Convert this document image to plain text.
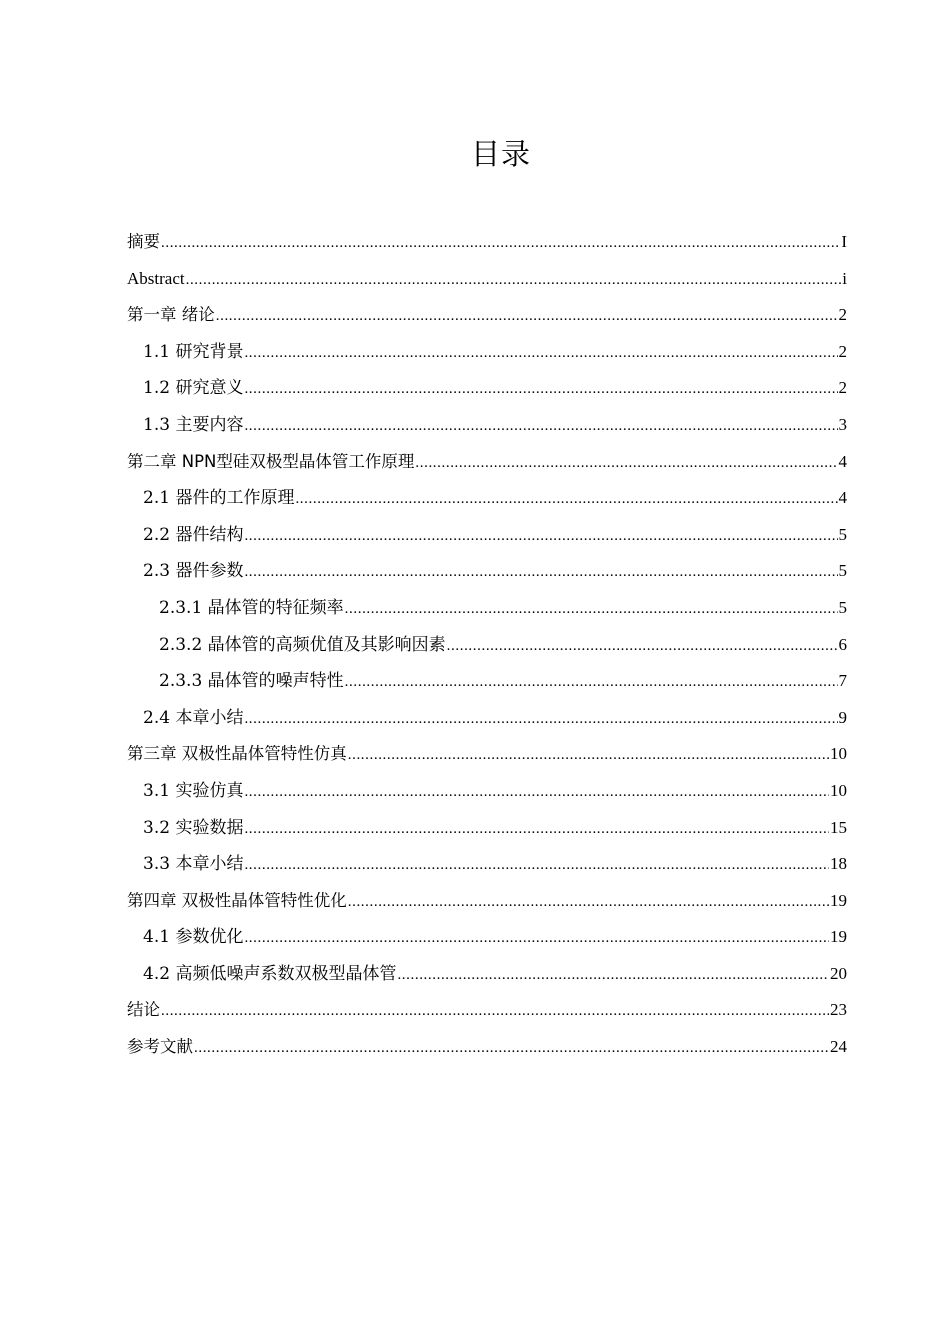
目录
摘要 .....	I
Abstract .....	i
第一章 绪论 .....	2
1.1 研究背景 .....	2
1.2 研究意义 .....	2
1.3 主要内容 .....	3
第二章 NPN型硅双极型晶体管工作原理 .....	4
2.1 器件的工作原理 .....	4
2.2 器件结构 .....	5
2.3 器件参数 .....	5
2.3.1 晶体管的特征频率 .....	5
2.3.2 晶体管的高频优值及其影响因素 .....	6
2.3.3 晶体管的噪声特性 .....	7
2.4 本章小结 .....	9
第三章 双极性晶体管特性仿真 .....	10
3.1 实验仿真 .....	10
3.2 实验数据 .....	15
3.3 本章小结 .....	18
第四章 双极性晶体管特性优化 .....	19
4.1 参数优化 .....	19
4.2 高频低噪声系数双极型晶体管 .....	20
结论 .....	23
参考文献 .....	24
